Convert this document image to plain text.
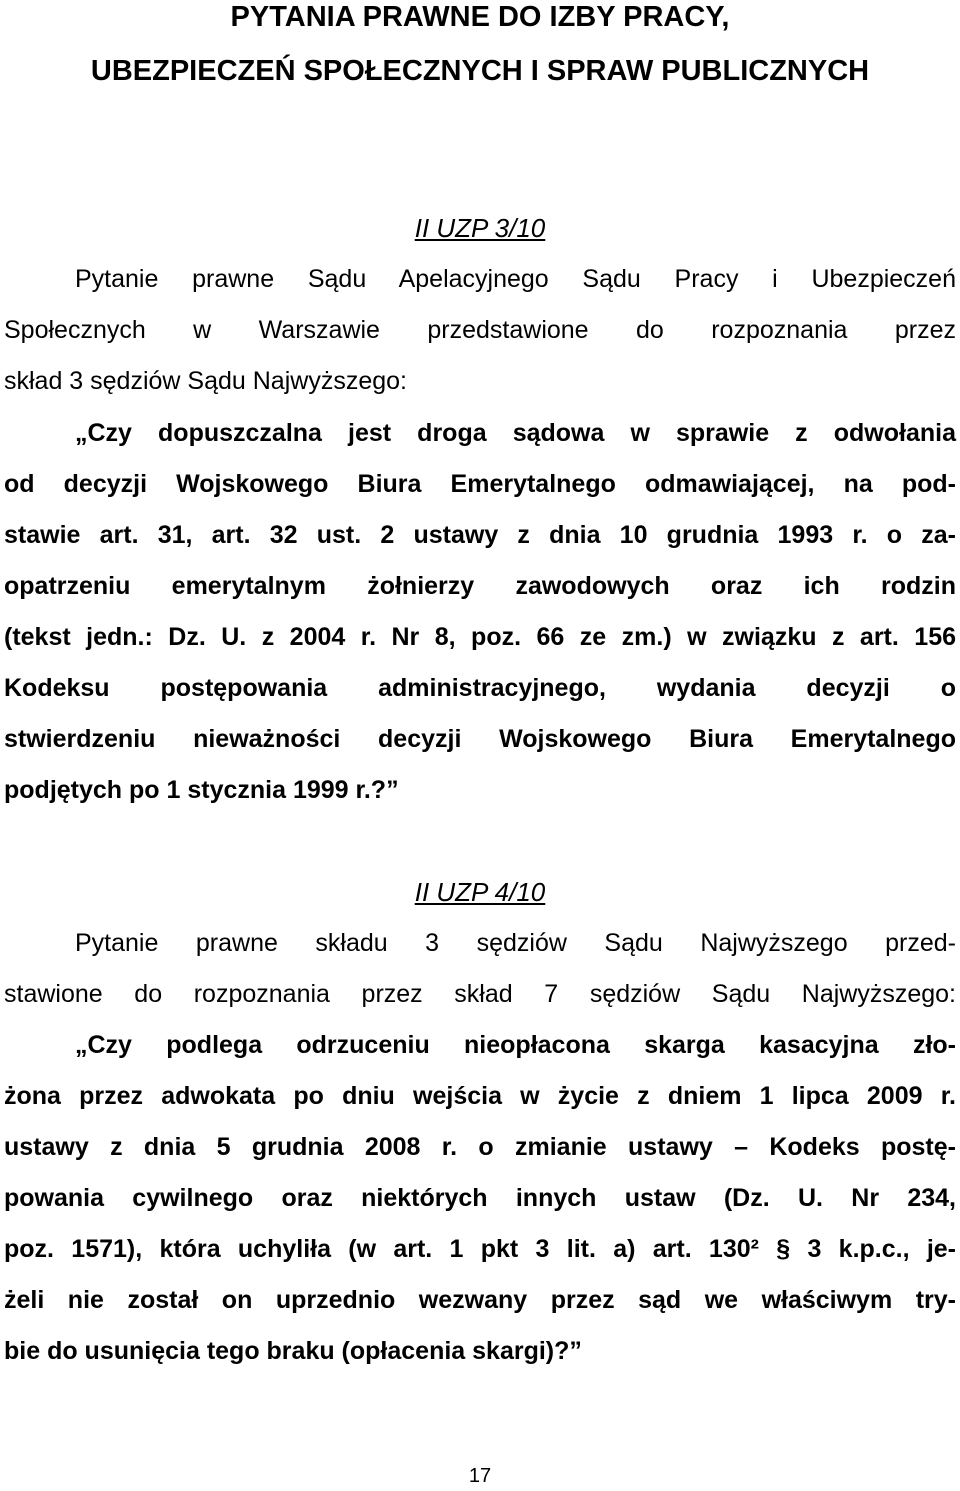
PYTANIA PRAWNE DO IZBY PRACY,
UBEZPIECZEŃ SPOŁECZNYCH I SPRAW PUBLICZNYCH
II UZP 3/10
Pytanie prawne Sądu Apelacyjnego Sądu Pracy i Ubezpieczeń
Społecznych w Warszawie przedstawione do rozpoznania przez
skład 3 sędziów Sądu Najwyższego:
„Czy dopuszczalna jest droga sądowa w sprawie z odwołania
od decyzji Wojskowego Biura Emerytalnego odmawiającej, na pod-
stawie art. 31, art. 32 ust. 2 ustawy z dnia 10 grudnia 1993 r. o za-
opatrzeniu emerytalnym żołnierzy zawodowych oraz ich rodzin
(tekst jedn.: Dz. U. z 2004 r. Nr 8, poz. 66 ze zm.) w związku z art. 156
Kodeksu postępowania administracyjnego, wydania decyzji o
stwierdzeniu nieważności decyzji Wojskowego Biura Emerytalnego
podjętych po 1 stycznia 1999 r.?”
II UZP 4/10
Pytanie prawne składu 3 sędziów Sądu Najwyższego przed-
stawione do rozpoznania przez skład 7 sędziów Sądu Najwyższego:
„Czy podlega odrzuceniu nieopłacona skarga kasacyjna zło-
żona przez adwokata po dniu wejścia w życie z dniem 1 lipca 2009 r.
ustawy z dnia 5 grudnia 2008 r. o zmianie ustawy – Kodeks postę-
powania cywilnego oraz niektórych innych ustaw (Dz. U. Nr 234,
poz. 1571), która uchyliła (w art. 1 pkt 3 lit. a) art. 130² § 3 k.p.c., je-
żeli nie został on uprzednio wezwany przez sąd we właściwym try-
bie do usunięcia tego braku (opłacenia skargi)?”
17
